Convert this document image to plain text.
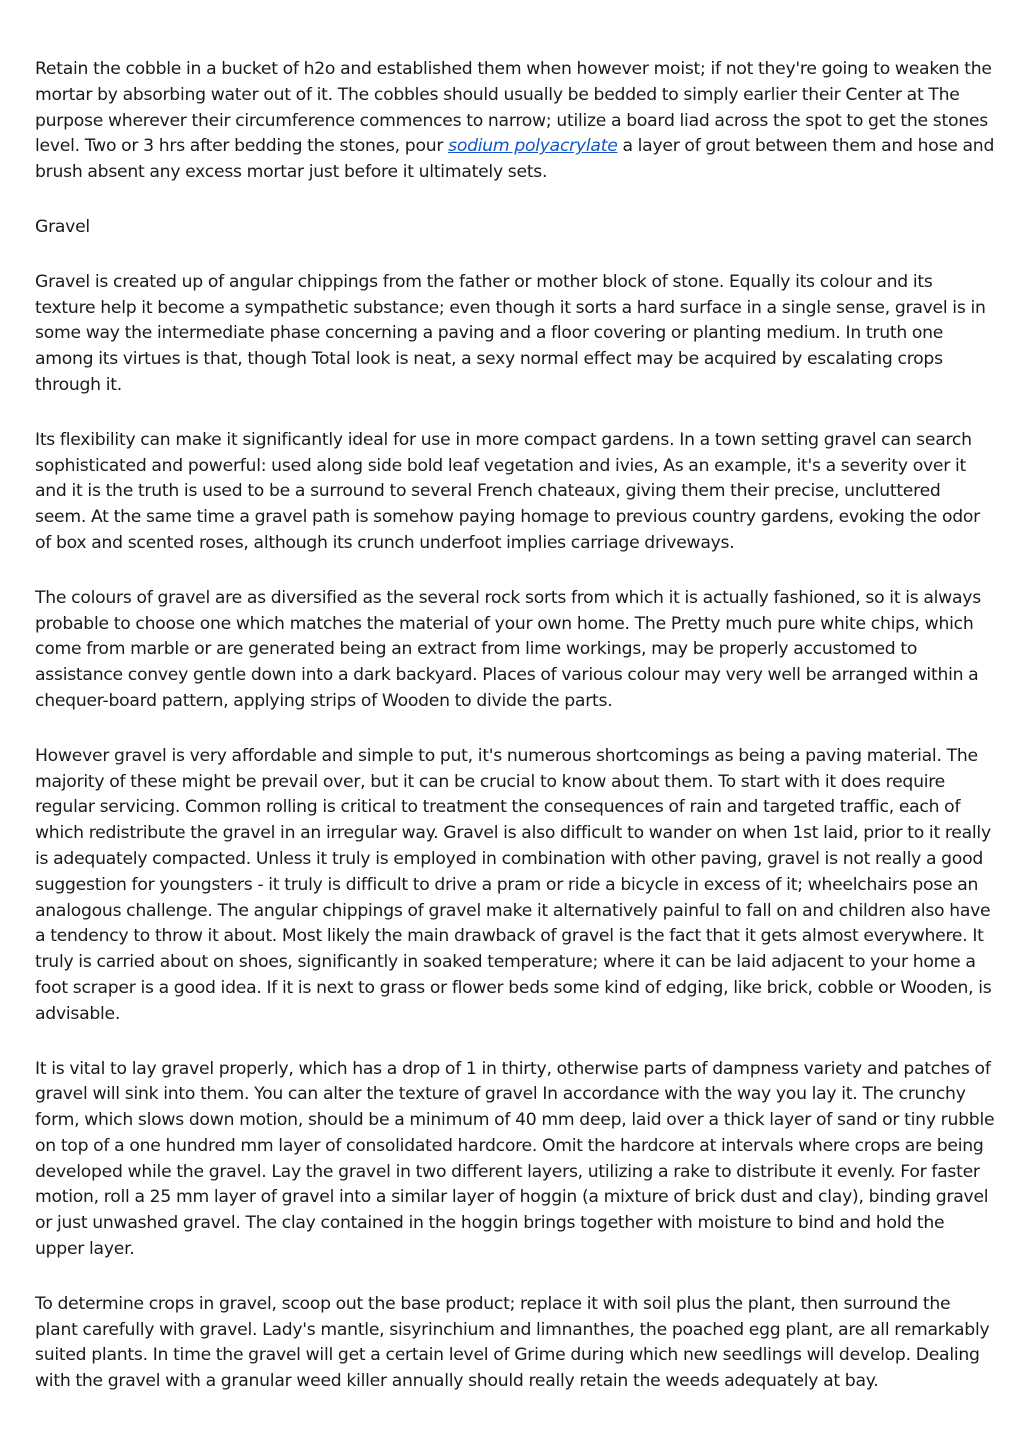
Retain the cobble in a bucket of h2o and established them when however moist; if not they're going to weaken the mortar by absorbing water out of it. The cobbles should usually be bedded to simply earlier their Center at The purpose wherever their circumference commences to narrow; utilize a board liad across the spot to get the stones level. Two or 3 hrs after bedding the stones, pour sodium polyacrylate a layer of grout between them and hose and brush absent any excess mortar just before it ultimately sets.

Gravel

Gravel is created up of angular chippings from the father or mother block of stone. Equally its colour and its texture help it become a sympathetic substance; even though it sorts a hard surface in a single sense, gravel is in some way the intermediate phase concerning a paving and a floor covering or planting medium. In truth one among its virtues is that, though Total look is neat, a sexy normal effect may be acquired by escalating crops through it.

Its flexibility can make it significantly ideal for use in more compact gardens. In a town setting gravel can search sophisticated and powerful: used along side bold leaf vegetation and ivies, As an example, it's a severity over it and it is the truth is used to be a surround to several French chateaux, giving them their precise, uncluttered seem. At the same time a gravel path is somehow paying homage to previous country gardens, evoking the odor of box and scented roses, although its crunch underfoot implies carriage driveways.

The colours of gravel are as diversified as the several rock sorts from which it is actually fashioned, so it is always probable to choose one which matches the material of your own home. The Pretty much pure white chips, which come from marble or are generated being an extract from lime workings, may be properly accustomed to assistance convey gentle down into a dark backyard. Places of various colour may very well be arranged within a chequer-board pattern, applying strips of Wooden to divide the parts.

However gravel is very affordable and simple to put, it's numerous shortcomings as being a paving material. The majority of these might be prevail over, but it can be crucial to know about them. To start with it does require regular servicing. Common rolling is critical to treatment the consequences of rain and targeted traffic, each of which redistribute the gravel in an irregular way. Gravel is also difficult to wander on when 1st laid, prior to it really is adequately compacted. Unless it truly is employed in combination with other paving, gravel is not really a good suggestion for youngsters - it truly is difficult to drive a pram or ride a bicycle in excess of it; wheelchairs pose an analogous challenge. The angular chippings of gravel make it alternatively painful to fall on and children also have a tendency to throw it about. Most likely the main drawback of gravel is the fact that it gets almost everywhere. It truly is carried about on shoes, significantly in soaked temperature; where it can be laid adjacent to your home a foot scraper is a good idea. If it is next to grass or flower beds some kind of edging, like brick, cobble or Wooden, is advisable.

It is vital to lay gravel properly, which has a drop of 1 in thirty, otherwise parts of dampness variety and patches of gravel will sink into them. You can alter the texture of gravel In accordance with the way you lay it. The crunchy form, which slows down motion, should be a minimum of 40 mm deep, laid over a thick layer of sand or tiny rubble on top of a one hundred mm layer of consolidated hardcore. Omit the hardcore at intervals where crops are being developed while the gravel. Lay the gravel in two different layers, utilizing a rake to distribute it evenly. For faster motion, roll a 25 mm layer of gravel into a similar layer of hoggin (a mixture of brick dust and clay), binding gravel or just unwashed gravel. The clay contained in the hoggin brings together with moisture to bind and hold the upper layer.

To determine crops in gravel, scoop out the base product; replace it with soil plus the plant, then surround the plant carefully with gravel. Lady's mantle, sisyrinchium and limnanthes, the poached egg plant, are all remarkably suited plants. In time the gravel will get a certain level of Grime during which new seedlings will develop. Dealing with the gravel with a granular weed killer annually should really retain the weeds adequately at bay.
